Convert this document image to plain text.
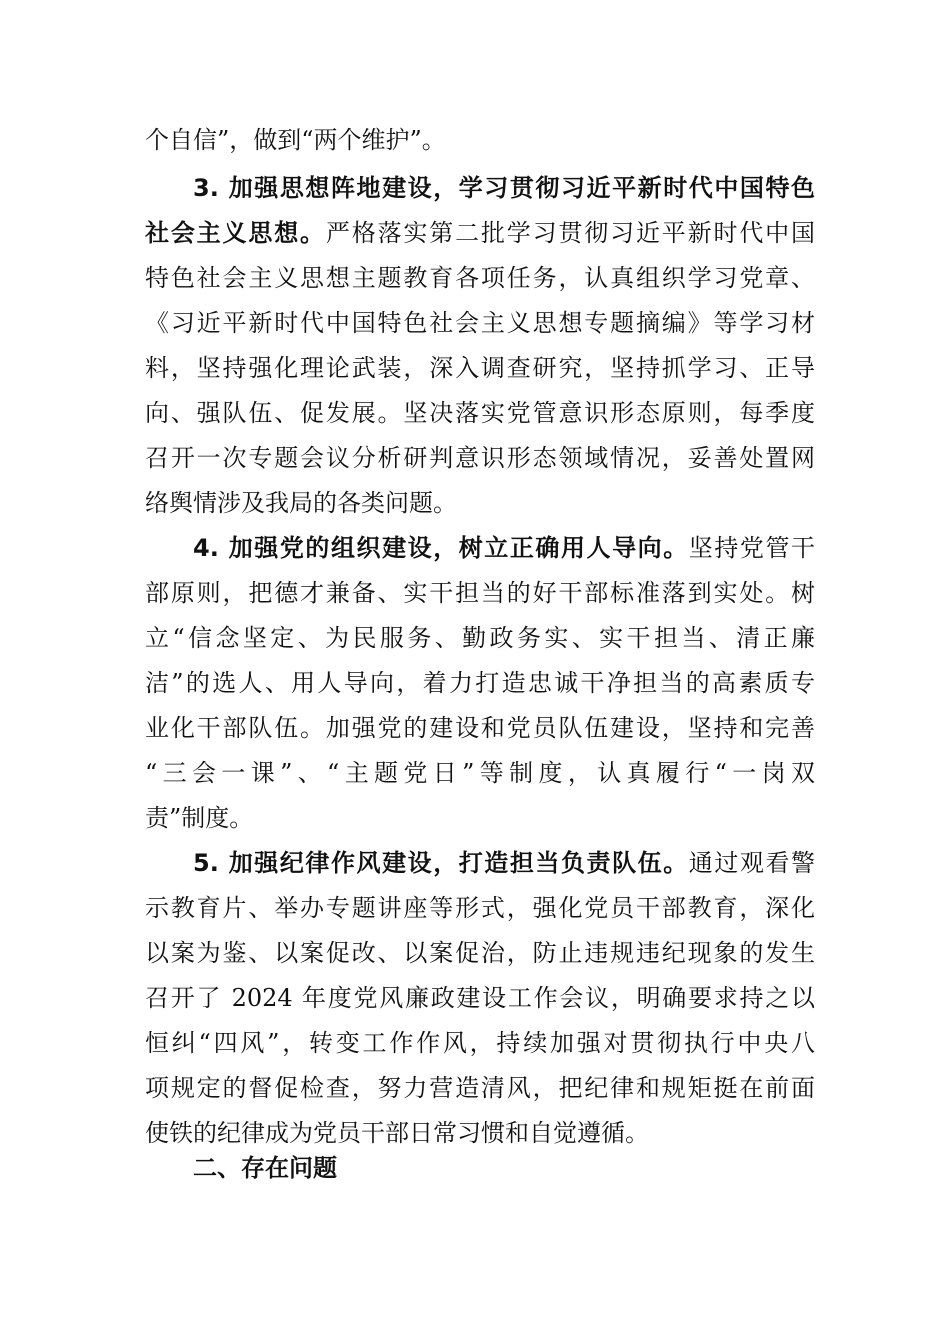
个自信”，做到“两个维护”。
3. 加强思想阵地建设，学习贯彻习近平新时代中国特色
社会主义思想。严格落实第二批学习贯彻习近平新时代中国
特色社会主义思想主题教育各项任务，认真组织学习党章、
《习近平新时代中国特色社会主义思想专题摘编》等学习材
料，坚持强化理论武装，深入调查研究，坚持抓学习、正导
向、强队伍、促发展。坚决落实党管意识形态原则，每季度
召开一次专题会议分析研判意识形态领域情况，妥善处置网
络舆情涉及我局的各类问题。
4. 加强党的组织建设，树立正确用人导向。坚持党管干
部原则，把德才兼备、实干担当的好干部标准落到实处。树
立“信念坚定、为民服务、勤政务实、实干担当、清正廉
洁”的选人、用人导向，着力打造忠诚干净担当的高素质专
业化干部队伍。加强党的建设和党员队伍建设，坚持和完善
“三会一课”、“主题党日”等制度，认真履行“一岗双
责”制度。
5. 加强纪律作风建设，打造担当负责队伍。通过观看警
示教育片、举办专题讲座等形式，强化党员干部教育，深化
以案为鉴、以案促改、以案促治，防止违规违纪现象的发生
召开了 2024 年度党风廉政建设工作会议，明确要求持之以
恒纠“四风”，转变工作作风，持续加强对贯彻执行中央八
项规定的督促检查，努力营造清风，把纪律和规矩挺在前面
使铁的纪律成为党员干部日常习惯和自觉遵循。
二、存在问题
